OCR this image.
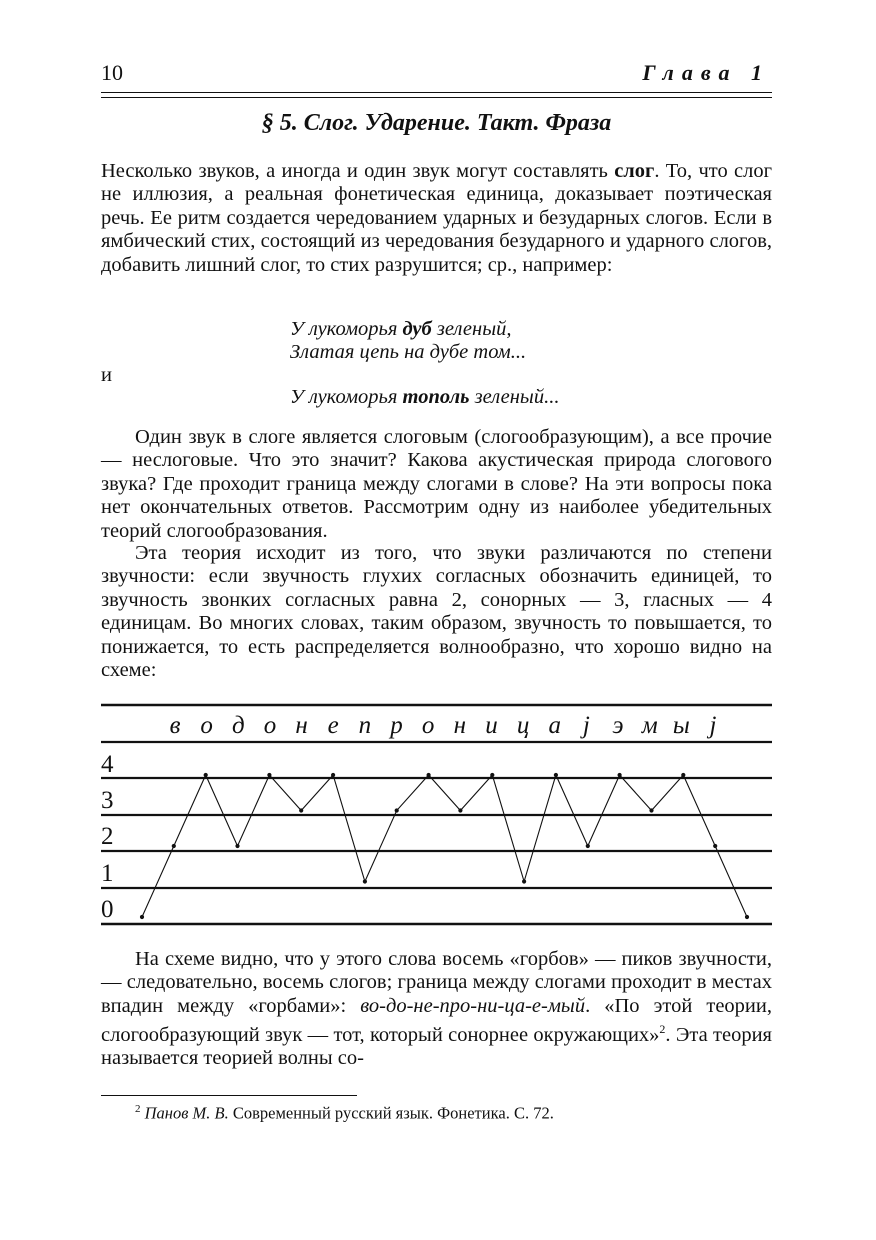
10	Глава 1
§ 5. Слог. Ударение. Такт. Фраза

Несколько звуков, а иногда и один звук могут составлять слог. То, что слог не иллюзия, а реальная фонетическая единица, доказывает поэтическая речь. Ее ритм создается чередованием ударных и безударных слогов. Если в ямбический стих, состоящий из чередования безударного и ударного слогов, добавить лишний слог, то стих разрушится; ср., например:

У лукоморья дуб зеленый,
Златая цепь на дубе том...
и
У лукоморья тополь зеленый...

Один звук в слоге является слоговым (слогообразующим), а все прочие — неслоговые. Что это значит? Какова акустическая природа слогового звука? Где проходит граница между слогами в слове? На эти вопросы пока нет окончательных ответов. Рассмотрим одну из наиболее убедительных теорий слогообразования.

Эта теория исходит из того, что звуки различаются по степени звучности: если звучность глухих согласных обозначить единицей, то звучность звонких согласных равна 2, сонорных — 3, гласных — 4 единицам. Во многих словах, таким образом, звучность то повышается, то понижается, то есть распределяется волнообразно, что хорошо видно на схеме:

в о д о н е п р о н и ц а j э м ы j
0
1
2
3
4

На схеме видно, что у этого слова восемь «горбов» — пиков звучности, — следовательно, восемь слогов; граница между слогами проходит в местах впадин между «горбами»: во-до-не-про-ни-ца-е-мый. «По этой теории, слогообразующий звук — тот, который сонорнее окружающих»$^2$. Эта теория называется теорией волны со-

$^2$ Панов М. В. Современный русский язык. Фонетика. С. 72.
